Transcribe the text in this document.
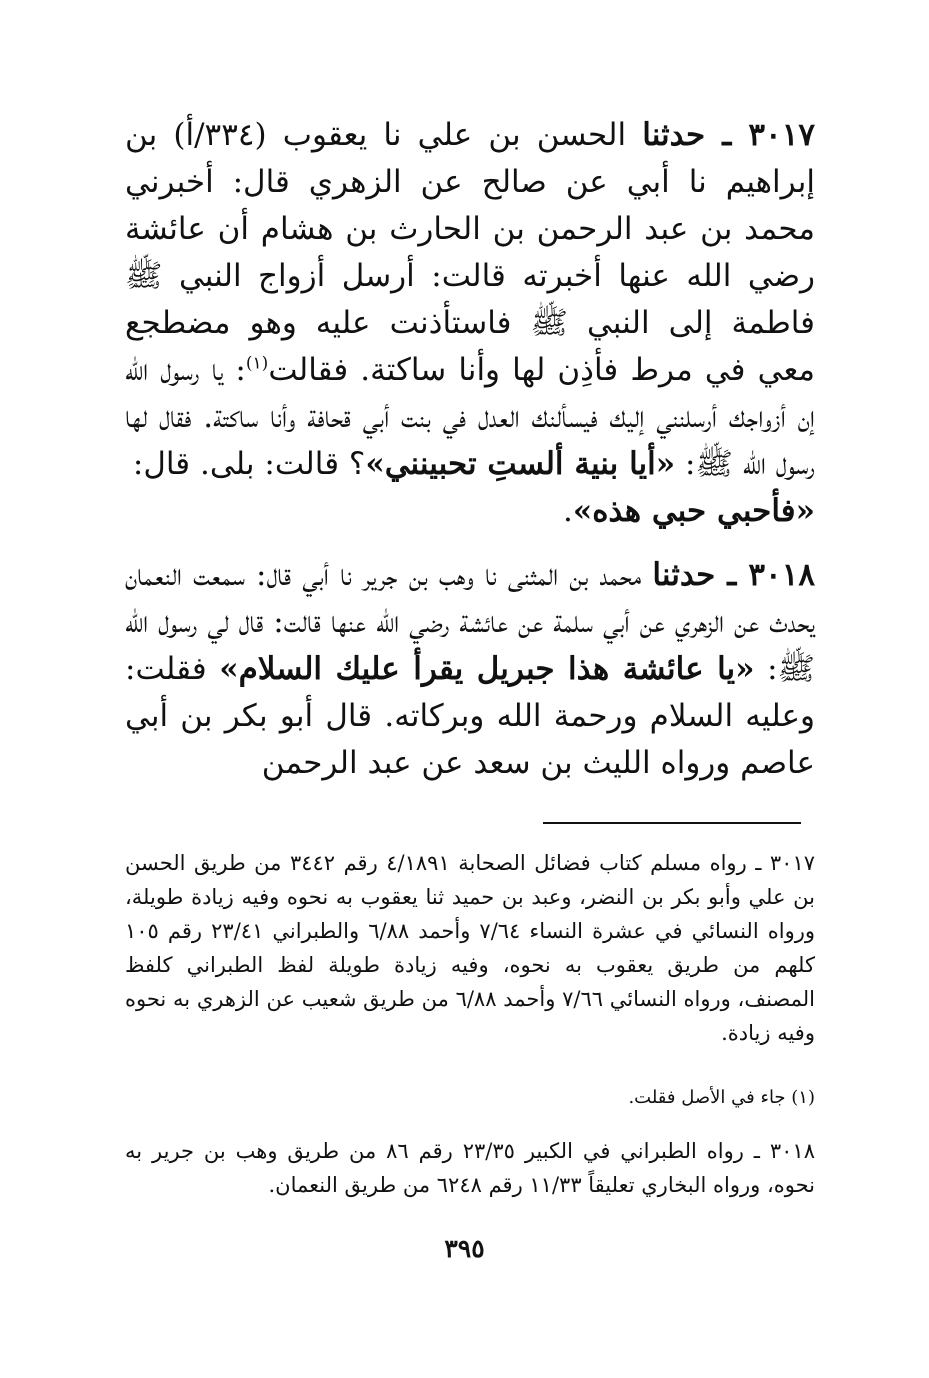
٣٠١٧ ـ حدثنا الحسن بن علي نا يعقوب (٣٣٤/أ) بن إبراهيم نا أبي عن صالح عن الزهري قال: أخبرني محمد بن عبد الرحمن بن الحارث بن هشام أن عائشة رضي الله عنها أخبرته قالت: أرسل أزواج النبي ﷺ فاطمة إلى النبي ﷺ فاستأذنت عليه وهو مضطجع معي في مرط فأذِن لها وأنا ساكتة. فقالت$^{(١)}$: يا رسول الله إن أزواجك أرسلنني إليك فيسألنك العدل في بنت أبي قحافة وأنا ساكتة. فقال لها رسول الله ﷺ: «أيا بنية ألستِ تحبينني»؟ قالت: بلى. قال:
«فأحبي حبي هذه».

٣٠١٨ ـ حدثنا محمد بن المثنى نا وهب بن جرير نا أبي قال: سمعت النعمان يحدث عن الزهري عن أبي سلمة عن عائشة رضي الله عنها قالت: قال لي رسول الله ﷺ: «يا عائشة هذا جبريل يقرأ عليك السلام» فقلت: وعليه السلام ورحمة الله وبركاته. قال أبو بكر بن أبي عاصم ورواه الليث بن سعد عن عبد الرحمن

٣٠١٧ ـ رواه مسلم كتاب فضائل الصحابة ٤/١٨٩١ رقم ٣٤٤٢ من طريق الحسن بن علي وأبو بكر بن النضر، وعبد بن حميد ثنا يعقوب به نحوه وفيه زيادة طويلة، ورواه النسائي في عشرة النساء ٧/٦٤ وأحمد ٦/٨٨ والطبراني ٢٣/٤١ رقم ١٠٥ كلهم من طريق يعقوب به نحوه، وفيه زيادة طويلة لفظ الطبراني كلفظ المصنف، ورواه النسائي ٧/٦٦ وأحمد ٦/٨٨ من طريق شعيب عن الزهري به نحوه وفيه زيادة.

(١) جاء في الأصل فقلت.

٣٠١٨ ـ رواه الطبراني في الكبير ٢٣/٣٥ رقم ٨٦ من طريق وهب بن جرير به نحوه، ورواه البخاري تعليقاً ١١/٣٣ رقم ٦٢٤٨ من طريق النعمان.

٣٩٥
